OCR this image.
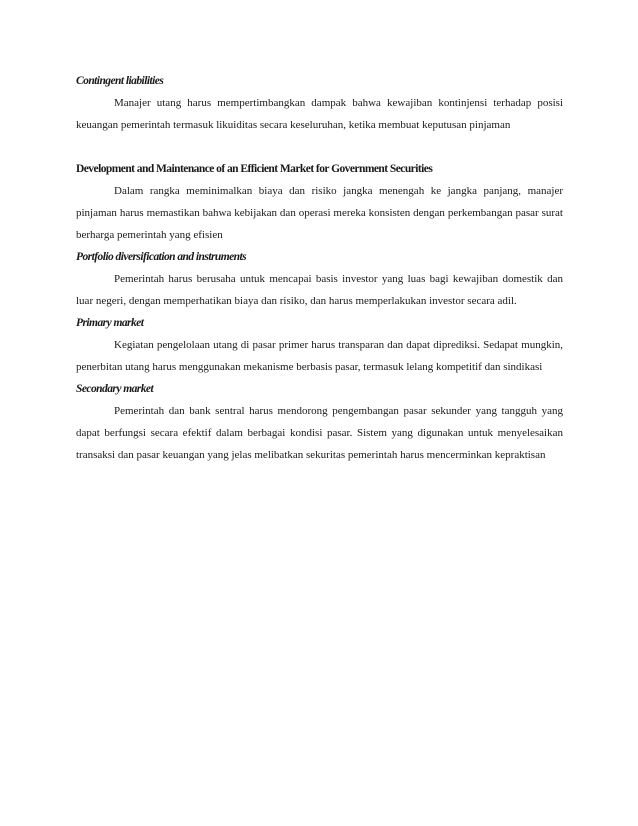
Contingent liabilities

Manajer utang harus mempertimbangkan dampak bahwa kewajiban kontinjensi terhadap posisi keuangan pemerintah termasuk likuiditas secara keseluruhan, ketika membuat keputusan pinjaman

Development and Maintenance of an Efficient Market for Government Securities

Dalam rangka meminimalkan biaya dan risiko jangka menengah ke jangka panjang, manajer pinjaman harus memastikan bahwa kebijakan dan operasi mereka konsisten dengan perkembangan pasar surat berharga pemerintah yang efisien

Portfolio diversification and instruments

Pemerintah harus berusaha untuk mencapai basis investor yang luas bagi kewajiban domestik dan luar negeri, dengan memperhatikan biaya dan risiko, dan harus memperlakukan investor secara adil.

Primary market

Kegiatan pengelolaan utang di pasar primer harus transparan dan dapat diprediksi. Sedapat mungkin, penerbitan utang harus menggunakan mekanisme berbasis pasar, termasuk lelang kompetitif dan sindikasi

Secondary market

Pemerintah dan bank sentral harus mendorong pengembangan pasar sekunder yang tangguh yang dapat berfungsi secara efektif dalam berbagai kondisi pasar. Sistem yang digunakan untuk menyelesaikan transaksi dan pasar keuangan yang jelas melibatkan sekuritas pemerintah harus mencerminkan kepraktisan
